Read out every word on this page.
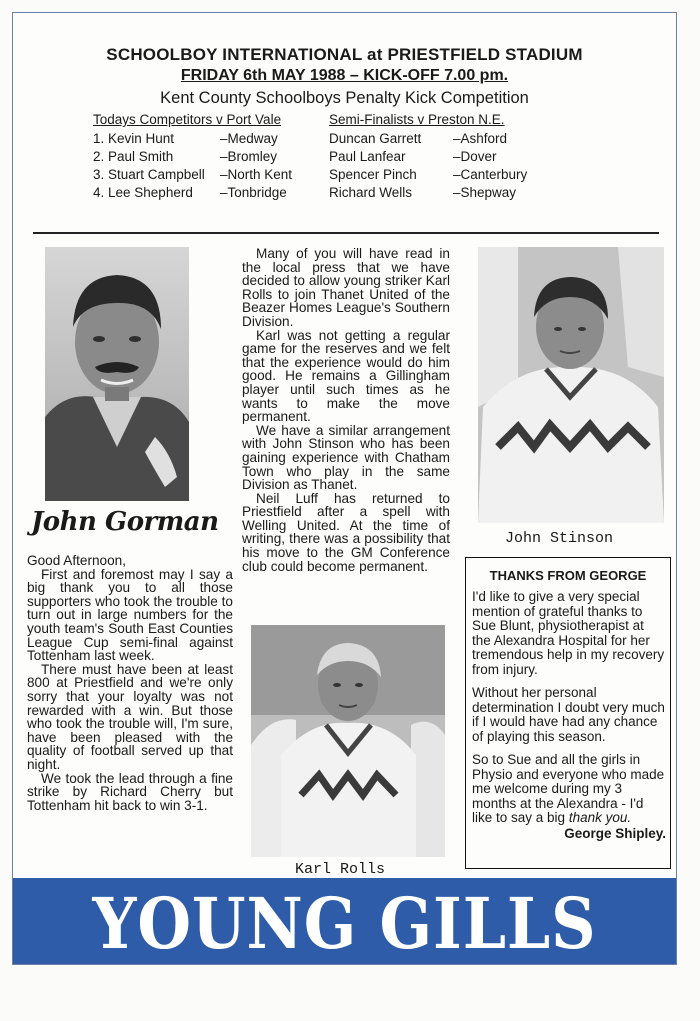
SCHOOLBOY INTERNATIONAL at PRIESTFIELD STADIUM
FRIDAY 6th MAY 1988 – KICK-OFF 7.00 pm.
Kent County Schoolboys Penalty Kick Competition
Todays Competitors v Port Vale
1. Kevin Hunt	–Medway
2. Paul Smith	–Bromley
3. Stuart Campbell –North Kent
4. Lee Shepherd –Tonbridge
Semi-Finalists v Preston N.E.
Duncan Garrett –Ashford
Paul Lanfear	–Dover
Spencer Pinch	–Canterbury
Richard Wells	–Shepway
John Gorman

Good Afternoon,

First and foremost may I say a big thank you to all those supporters who took the trouble to turn out in large numbers for the youth team's South East Counties League Cup semi-final against Tottenham last week.

There must have been at least 800 at Priestfield and we're only sorry that your loyalty was not rewarded with a win. But those who took the trouble will, I'm sure, have been pleased with the quality of football served up that night.

We took the lead through a fine strike by Richard Cherry but Tottenham hit back to win 3-1.

Many of you will have read in the local press that we have decided to allow young striker Karl Rolls to join Thanet United of the Beazer Homes League's Southern Division.

Karl was not getting a regular game for the reserves and we felt that the experience would do him good. He remains a Gillingham player until such times as he wants to make the move permanent.

We have a similar arrangement with John Stinson who has been gaining experience with Chatham Town who play in the same Division as Thanet.

Neil Luff has returned to Priestfield after a spell with Welling United. At the time of writing, there was a possibility that his move to the GM Conference club could become permanent.

Karl Rolls
John Stinson
THANKS FROM GEORGE

I'd like to give a very special mention of grateful thanks to Sue Blunt, physiotherapist at the Alexandra Hospital for her tremendous help in my recovery from injury.

Without her personal determination I doubt very much if I would have had any chance of playing this season.

So to Sue and all the girls in Physio and everyone who made me welcome during my 3 months at the Alexandra - I'd like to say a big thank you.

George Shipley.

YOUNG GILLS
